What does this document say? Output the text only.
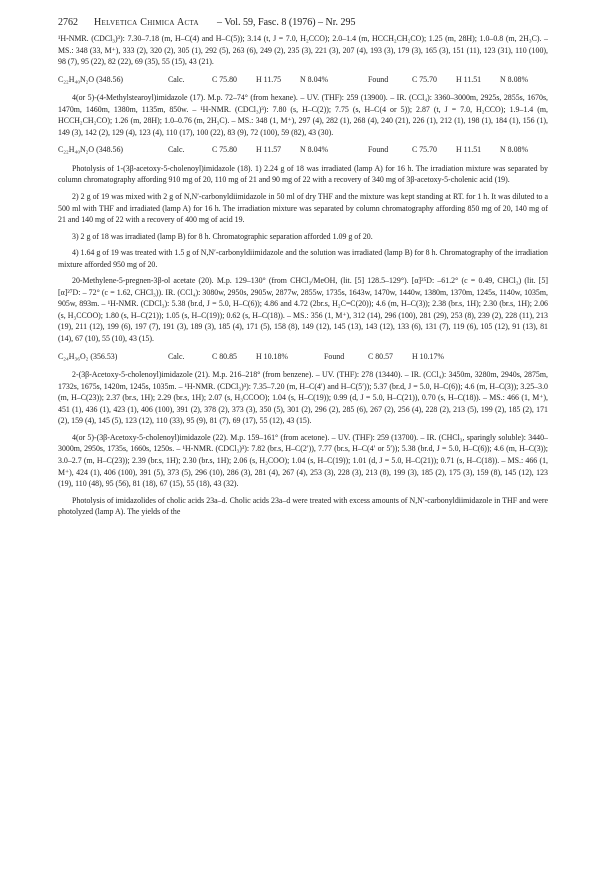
2762 Helvetica Chimica Acta – Vol. 59, Fasc. 8 (1976) – Nr. 295

¹H-NMR. (CDCl₃)³): 7.30–7.18 (m, H–C(4) and H–C(5)); 3.14 (t, J = 7.0, H₂CCO); 2.0–1.4 (m, HCCH₂CH₂CO); 1.25 (m, 28H); 1.0–0.8 (m, 2H₃C). – MS.: 348 (33, M⁺), 333 (2), 320 (2), 305 (1), 292 (5), 263 (6), 249 (2), 235 (3), 221 (3), 207 (4), 193 (3), 179 (3), 165 (3), 151 (11), 123 (31), 110 (100), 98 (7), 95 (22), 82 (22), 69 (35), 55 (15), 43 (21).

C₂₂H₄₀N₂O (348.56)	Calc.	C 75.80 H 11.75 N 8.04%	Found	C 75.70 H 11.51 N 8.08%

4(or 5)-(4-Methylstearoyl)imidazole (17). M.p. 72–74° (from hexane). – UV. (THF): 259 (13900). – IR. (CCl₄): 3360–3000m, 2925s, 2855s, 1670s, 1470m, 1460m, 1380m, 1135m, 850w. – ¹H-NMR. (CDCl₃)³): 7.80 (s, H–C(2)); 7.75 (s, H–C(4 or 5)); 2.87 (t, J = 7.0, H₂CCO); 1.9–1.4 (m, HCCH₂CH₂CO); 1.26 (m, 28H); 1.0–0.76 (m, 2H₃C). – MS.: 348 (1, M⁺), 297 (4), 282 (1), 268 (4), 240 (21), 226 (1), 212 (1), 198 (1), 184 (1), 156 (1), 149 (3), 142 (2), 129 (4), 123 (4), 110 (17), 100 (22), 83 (9), 72 (100), 59 (82), 43 (30).

C₂₂H₄₀N₂O (348.56)	Calc.	C 75.80 H 11.57 N 8.04%	Found	C 75.70 H 11.51 N 8.08%

Photolysis of 1-(3β-acetoxy-5-cholenoyl)imidazole (18). 1) 2.24 g of 18 was irradiated (lamp A) for 16 h. The irradiation mixture was separated by column chromatography affording 910 mg of 20, 110 mg of 21 and 90 mg of 22 with a recovery of 340 mg of 3β-acetoxy-5-cholenic acid (19).

2) 2 g of 19 was mixed with 2 g of N,N′-carbonyldiimidazole in 50 ml of dry THF and the mixture was kept standing at RT. for 1 h. It was diluted to a 500 ml with THF and irradiated (lamp A) for 16 h. The irradiation mixture was separated by column chromatography affording 850 mg of 20, 140 mg of 21 and 140 mg of 22 with a recovery of 400 mg of acid 19.

3) 2 g of 18 was irradiated (lamp B) for 8 h. Chromatographic separation afforded 1.09 g of 20.

4) 1.64 g of 19 was treated with 1.5 g of N,N′-carbonyldiimidazole and the solution was irradiated (lamp B) for 8 h. Chromatography of the irradiation mixture afforded 950 mg of 20.

20-Methylene-5-pregnen-3β-ol acetate (20). M.p. 129–130° (from CHCl₃/MeOH, (lit. [5] 128.5–129°). [α]²⁵D: –61.2° (c = 0.49, CHCl₃) (lit. [5] [α]²⁷D: – 72° (c = 1.62, CHCl₃)). IR. (CCl₄): 3080w, 2950s, 2905w, 2877w, 2855w, 1735s, 1643w, 1470w, 1440w, 1380m, 1370m, 1245s, 1140w, 1035m, 905w, 893m. – ¹H-NMR. (CDCl₃): 5.38 (br.d, J = 5.0, H–C(6)); 4.86 and 4.72 (2br.s, H₂C=C(20)); 4.6 (m, H–C(3)); 2.38 (br.s, 1H); 2.30 (br.s, 1H); 2.06 (s, H₃CCOO); 1.80 (s, H–C(21)); 1.05 (s, H–C(19)); 0.62 (s, H–C(18)). – MS.: 356 (1, M⁺), 312 (14), 296 (100), 281 (29), 253 (8), 239 (2), 228 (11), 213 (19), 211 (12), 199 (6), 197 (7), 191 (3), 189 (3), 185 (4), 171 (5), 158 (8), 149 (12), 145 (13), 143 (12), 133 (6), 131 (7), 119 (6), 105 (12), 91 (13), 81 (14), 67 (10), 55 (10), 43 (15).

C₂₄H₃₆O₂ (356.53)	Calc.	C 80.85 H 10.18%	Found	C 80.57 H 10.17%

2-(3β-Acetoxy-5-cholenoyl)imidazole (21). M.p. 216–218° (from benzene). – UV. (THF): 278 (13440). – IR. (CCl₄): 3450m, 3280m, 2940s, 2875m, 1732s, 1675s, 1420m, 1245s, 1035m. – ¹H-NMR. (CDCl₃)³): 7.35–7.20 (m, H–C(4′) and H–C(5′)); 5.37 (br.d, J = 5.0, H–C(6)); 4.6 (m, H–C(3)); 3.25–3.0 (m, H–C(23)); 2.37 (br.s, 1H); 2.29 (br.s, 1H); 2.07 (s, H₃CCOO); 1.04 (s, H–C(19)); 0.99 (d, J = 5.0, H–C(21)), 0.70 (s, H–C(18)). – MS.: 466 (1, M⁺), 451 (1), 436 (1), 423 (1), 406 (100), 391 (2), 378 (2), 373 (3), 350 (5), 301 (2), 296 (2), 285 (6), 267 (2), 256 (4), 228 (2), 213 (5), 199 (2), 185 (2), 171 (2), 159 (4), 145 (5), 123 (12), 110 (33), 95 (9), 81 (7), 69 (17), 55 (12), 43 (15).

4(or 5)-(3β-Acetoxy-5-cholenoyl)imidazole (22). M.p. 159–161° (from acetone). – UV. (THF): 259 (13700). – IR. (CHCl₃, sparingly soluble): 3440–3000m, 2950s, 1735s, 1660s, 1250s. – ¹H-NMR. (CDCl₃)³): 7.82 (br.s, H–C(2′)), 7.77 (br.s, H–C(4′ or 5′)); 5.38 (br.d, J = 5.0, H–C(6)); 4.6 (m, H–C(3)); 3.0–2.7 (m, H–C(23)); 2.39 (br.s, 1H); 2.30 (br.s, 1H); 2.06 (s, H₃COO); 1.04 (s, H–C(19)); 1.01 (d, J = 5.0, H–C(21)); 0.71 (s, H–C(18)). – MS.: 466 (1, M⁺), 424 (1), 406 (100), 391 (5), 373 (5), 296 (10), 286 (3), 281 (4), 267 (4), 253 (3), 228 (3), 213 (8), 199 (3), 185 (2), 175 (3), 159 (8), 145 (12), 123 (19), 110 (48), 95 (56), 81 (18), 67 (15), 55 (18), 43 (32).

Photolysis of imidazolides of cholic acids 23a–d. Cholic acids 23a–d were treated with excess amounts of N,N′-carbonyldiimidazole in THF and were photolyzed (lamp A). The yields of the
